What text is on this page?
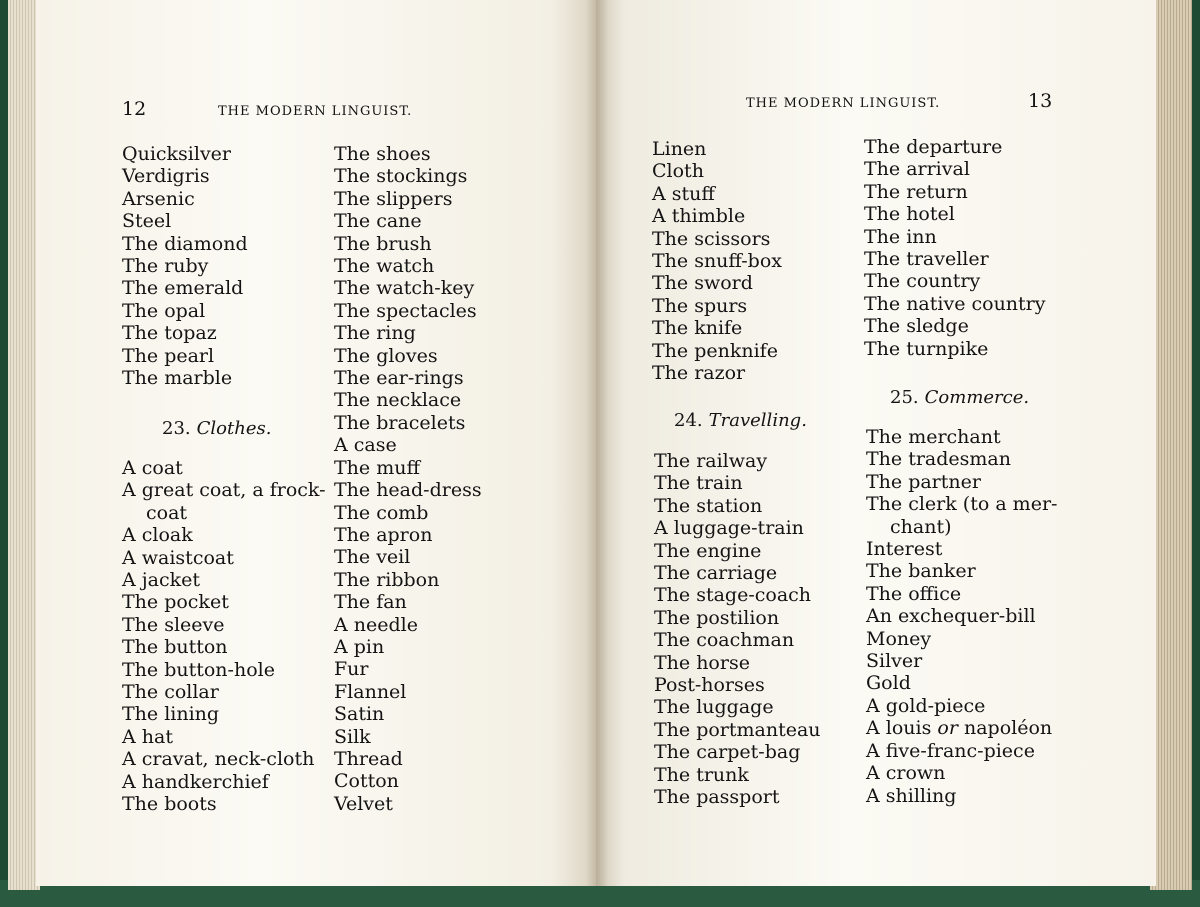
12	THE MODERN LINGUIST.
Quicksilver
Verdigris
Arsenic
Steel
The diamond
The ruby
The emerald
The opal
The topaz
The pearl
The marble
23. Clothes.
A coat
A great coat, a frock-
coat
A cloak
A waistcoat
A jacket
The pocket
The sleeve
The button
The button-hole
The collar
The lining
A hat
A cravat, neck-cloth
A handkerchief
The boots
The shoes
The stockings
The slippers
The cane
The brush
The watch
The watch-key
The spectacles
The ring
The gloves
The ear-rings
The necklace
The bracelets
A case
The muff
The head-dress
The comb
The apron
The veil
The ribbon
The fan
A needle
A pin
Fur
Flannel
Satin
Silk
Thread
Cotton
Velvet
THE MODERN LINGUIST.	13
Linen
Cloth
A stuff
A thimble
The scissors
The snuff-box
The sword
The spurs
The knife
The penknife
The razor
24. Travelling.
The railway
The train
The station
A luggage-train
The engine
The carriage
The stage-coach
The postilion
The coachman
The horse
Post-horses
The luggage
The portmanteau
The carpet-bag
The trunk
The passport
The departure
The arrival
The return
The hotel
The inn
The traveller
The country
The native country
The sledge
The turnpike
25. Commerce.
The merchant
The tradesman
The partner
The clerk (to a mer-
chant)
Interest
The banker
The office
An exchequer-bill
Money
Silver
Gold
A gold-piece
A louis or napoléon
A five-franc-piece
A crown
A shilling
